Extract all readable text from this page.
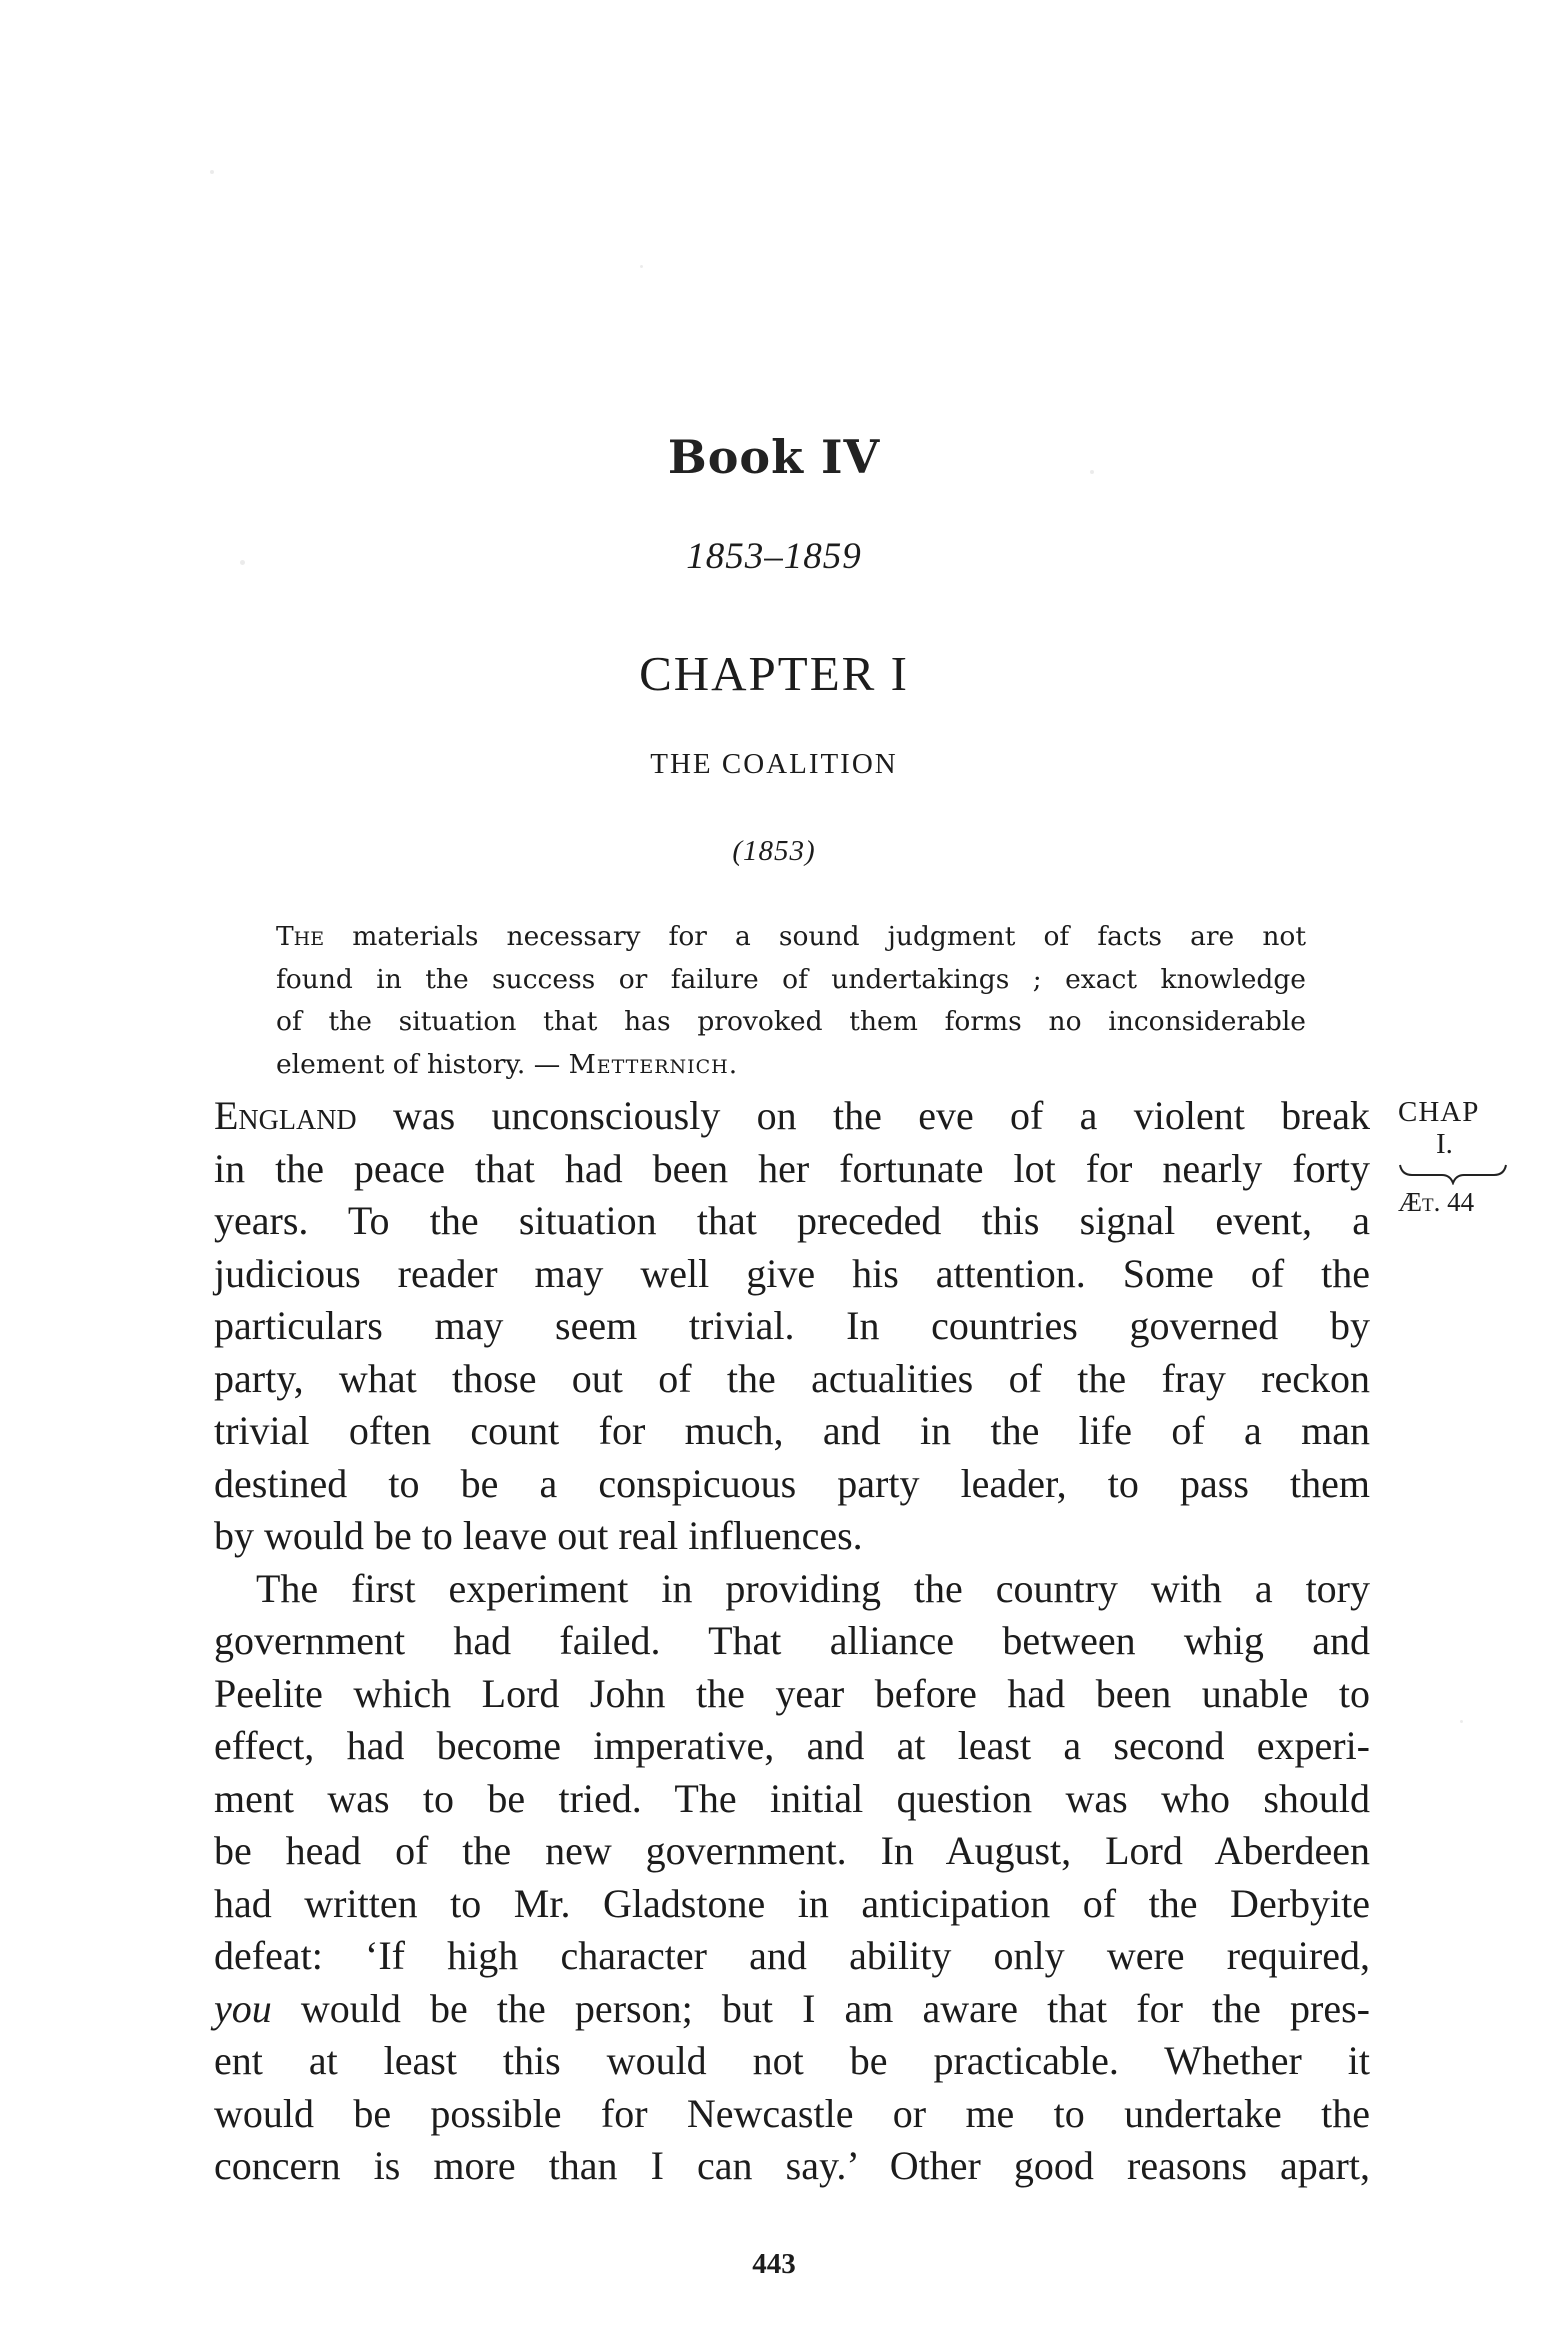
Book IV
1853–1859
CHAPTER I
THE COALITION
(1853)
The materials necessary for a sound judgment of facts are not
found in the success or failure of undertakings ; exact knowledge
of the situation that has provoked them forms no inconsiderable
element of history. — Metternich.
CHAP
I.
Æt. 44
England was unconsciously on the eve of a violent break
in the peace that had been her fortunate lot for nearly forty
years. To the situation that preceded this signal event, a
judicious reader may well give his attention. Some of the
particulars may seem trivial. In countries governed by
party, what those out of the actualities of the fray reckon
trivial often count for much, and in the life of a man
destined to be a conspicuous party leader, to pass them
by would be to leave out real influences.
The first experiment in providing the country with a tory
government had failed. That alliance between whig and
Peelite which Lord John the year before had been unable to
effect, had become imperative, and at least a second experi-
ment was to be tried. The initial question was who should
be head of the new government. In August, Lord Aberdeen
had written to Mr. Gladstone in anticipation of the Derbyite
defeat: ‘If high character and ability only were required,
you would be the person; but I am aware that for the pres-
ent at least this would not be practicable. Whether it
would be possible for Newcastle or me to undertake the
concern is more than I can say.’ Other good reasons apart,
443
